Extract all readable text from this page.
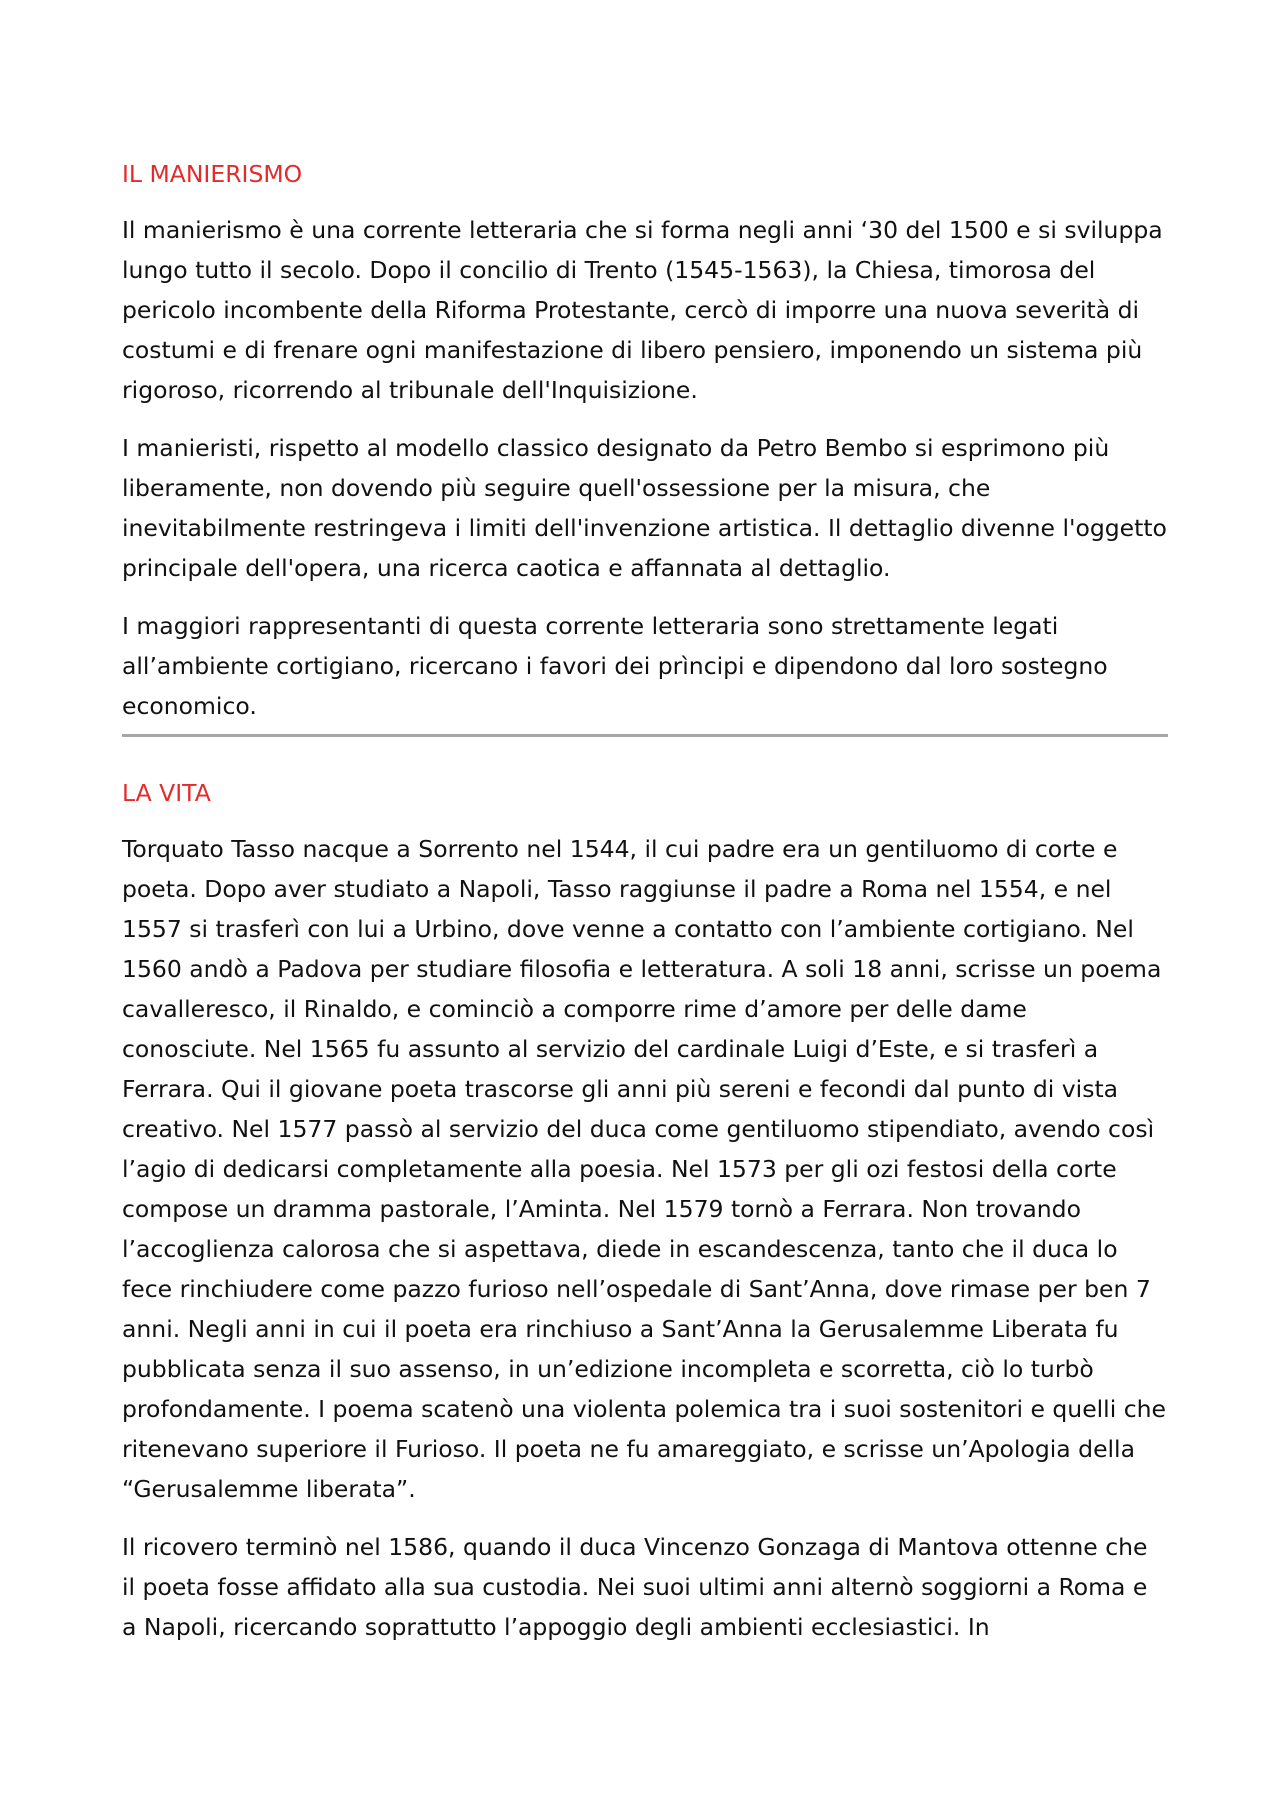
IL MANIERISMO

Il manierismo è una corrente letteraria che si forma negli anni ‘30 del 1500 e si sviluppa lungo tutto il secolo. Dopo il concilio di Trento (1545-1563), la Chiesa, timorosa del pericolo incombente della Riforma Protestante, cercò di imporre una nuova severità di costumi e di frenare ogni manifestazione di libero pensiero, imponendo un sistema più rigoroso, ricorrendo al tribunale dell'Inquisizione.

I manieristi, rispetto al modello classico designato da Petro Bembo si esprimono più liberamente, non dovendo più seguire quell'ossessione per la misura, che inevitabilmente restringeva i limiti dell'invenzione artistica. Il dettaglio divenne l'oggetto principale dell'opera, una ricerca caotica e affannata al dettaglio.

I maggiori rappresentanti di questa corrente letteraria sono strettamente legati all’ambiente cortigiano, ricercano i favori dei prìncipi e dipendono dal loro sostegno economico.

LA VITA

Torquato Tasso nacque a Sorrento nel 1544, il cui padre era un gentiluomo di corte e poeta. Dopo aver studiato a Napoli, Tasso raggiunse il padre a Roma nel 1554, e nel 1557 si trasferì con lui a Urbino, dove venne a contatto con l’ambiente cortigiano. Nel 1560 andò a Padova per studiare filosofia e letteratura. A soli 18 anni, scrisse un poema cavalleresco, il Rinaldo, e cominciò a comporre rime d’amore per delle dame conosciute. Nel 1565 fu assunto al servizio del cardinale Luigi d’Este, e si trasferì a Ferrara. Qui il giovane poeta trascorse gli anni più sereni e fecondi dal punto di vista creativo. Nel 1577 passò al servizio del duca come gentiluomo stipendiato, avendo così l’agio di dedicarsi completamente alla poesia. Nel 1573 per gli ozi festosi della corte compose un dramma pastorale, l’Aminta. Nel 1579 tornò a Ferrara. Non trovando l’accoglienza calorosa che si aspettava, diede in escandescenza, tanto che il duca lo fece rinchiudere come pazzo furioso nell’ospedale di Sant’Anna, dove rimase per ben 7 anni. Negli anni in cui il poeta era rinchiuso a Sant’Anna la Gerusalemme Liberata fu pubblicata senza il suo assenso, in un’edizione incompleta e scorretta, ciò lo turbò profondamente. I poema scatenò una violenta polemica tra i suoi sostenitori e quelli che ritenevano superiore il Furioso. Il poeta ne fu amareggiato, e scrisse un’Apologia della “Gerusalemme liberata”.

Il ricovero terminò nel 1586, quando il duca Vincenzo Gonzaga di Mantova ottenne che il poeta fosse affidato alla sua custodia. Nei suoi ultimi anni alternò soggiorni a Roma e a Napoli, ricercando soprattutto l’appoggio degli ambienti ecclesiastici. In
